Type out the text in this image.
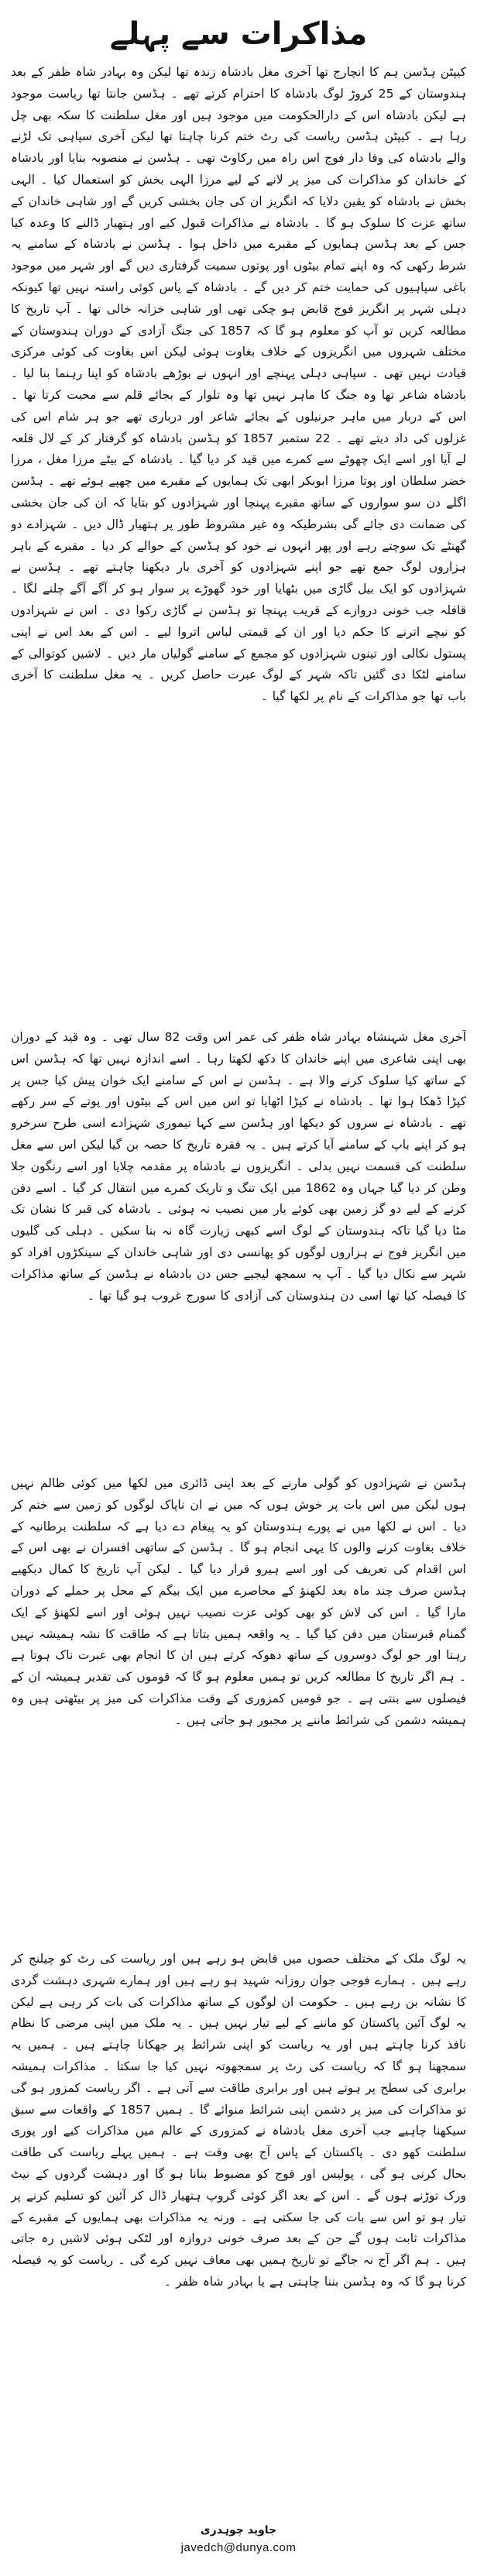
مذاکرات سے پہلے

کیپٹن ہڈسن ہم کا انچارج تھا آخری مغل بادشاہ زندہ تھا لیکن وہ بہادر شاہ ظفر کے بعد ہندوستان کے 25 کروڑ لوگ بادشاہ کا احترام کرتے تھے ۔ ہڈسن جانتا تھا ریاست موجود ہے لیکن بادشاہ اس کے دارالحکومت میں موجود ہیں اور مغل سلطنت کا سکہ بھی چل رہا ہے ۔ کیپٹن ہڈسن ریاست کی رٹ ختم کرنا چاہتا تھا لیکن آخری سپاہی تک لڑنے والے بادشاہ کی وفا دار فوج اس راہ میں رکاوٹ تھی ۔ ہڈسن نے منصوبہ بنایا اور بادشاہ کے خاندان کو مذاکرات کی میز پر لانے کے لیے مرزا الہی بخش کو استعمال کیا ۔ الہی بخش نے بادشاہ کو یقین دلایا کہ انگریز ان کی جان بخشی کریں گے اور شاہی خاندان کے ساتھ عزت کا سلوک ہو گا ۔ بادشاہ نے مذاکرات قبول کیے اور ہتھیار ڈالنے کا وعدہ کیا جس کے بعد ہڈسن ہمایوں کے مقبرے میں داخل ہوا ۔ ہڈسن نے بادشاہ کے سامنے یہ شرط رکھی کہ وہ اپنے تمام بیٹوں اور پوتوں سمیت گرفتاری دیں گے اور شہر میں موجود باغی سپاہیوں کی حمایت ختم کر دیں گے ۔ بادشاہ کے پاس کوئی راستہ نہیں تھا کیونکہ دہلی شہر پر انگریز فوج قابض ہو چکی تھی اور شاہی خزانہ خالی تھا ۔ آپ تاریخ کا مطالعہ کریں تو آپ کو معلوم ہو گا کہ 1857 کی جنگ آزادی کے دوران ہندوستان کے مختلف شہروں میں انگریزوں کے خلاف بغاوت ہوئی لیکن اس بغاوت کی کوئی مرکزی قیادت نہیں تھی ۔ سپاہی دہلی پہنچے اور انہوں نے بوڑھے بادشاہ کو اپنا رہنما بنا لیا ۔ بادشاہ شاعر تھا وہ جنگ کا ماہر نہیں تھا وہ تلوار کے بجائے قلم سے محبت کرتا تھا ۔ اس کے دربار میں ماہر جرنیلوں کے بجائے شاعر اور درباری تھے جو ہر شام اس کی غزلوں کی داد دیتے تھے ۔ 22 ستمبر 1857 کو ہڈسن بادشاہ کو گرفتار کر کے لال قلعہ لے آیا اور اسے ایک چھوٹے سے کمرے میں قید کر دیا گیا ۔ بادشاہ کے بیٹے مرزا مغل ، مرزا خضر سلطان اور پوتا مرزا ابوبکر ابھی تک ہمایوں کے مقبرے میں چھپے ہوئے تھے ۔ ہڈسن اگلے دن سو سواروں کے ساتھ مقبرے پہنچا اور شہزادوں کو بتایا کہ ان کی جان بخشی کی ضمانت دی جائے گی بشرطیکہ وہ غیر مشروط طور پر ہتھیار ڈال دیں ۔ شہزادے دو گھنٹے تک سوچتے رہے اور پھر انہوں نے خود کو ہڈسن کے حوالے کر دیا ۔ مقبرے کے باہر ہزاروں لوگ جمع تھے جو اپنے شہزادوں کو آخری بار دیکھنا چاہتے تھے ۔ ہڈسن نے شہزادوں کو ایک بیل گاڑی میں بٹھایا اور خود گھوڑے پر سوار ہو کر آگے آگے چلنے لگا ۔ قافلہ جب خونی دروازے کے قریب پہنچا تو ہڈسن نے گاڑی رکوا دی ۔ اس نے شہزادوں کو نیچے اترنے کا حکم دیا اور ان کے قیمتی لباس اتروا لیے ۔ اس کے بعد اس نے اپنی پستول نکالی اور تینوں شہزادوں کو مجمع کے سامنے گولیاں مار دیں ۔ لاشیں کوتوالی کے سامنے لٹکا دی گئیں تاکہ شہر کے لوگ عبرت حاصل کریں ۔ یہ مغل سلطنت کا آخری باب تھا جو مذاکرات کے نام پر لکھا گیا ۔

آخری مغل شہنشاہ بہادر شاہ ظفر کی عمر اس وقت 82 سال تھی ۔ وہ قید کے دوران بھی اپنی شاعری میں اپنے خاندان کا دکھ لکھتا رہا ۔ اسے اندازہ نہیں تھا کہ ہڈسن اس کے ساتھ کیا سلوک کرنے والا ہے ۔ ہڈسن نے اس کے سامنے ایک خوان پیش کیا جس پر کپڑا ڈھکا ہوا تھا ۔ بادشاہ نے کپڑا اٹھایا تو اس میں اس کے بیٹوں اور پوتے کے سر رکھے تھے ۔ بادشاہ نے سروں کو دیکھا اور ہڈسن سے کہا تیموری شہزادے اسی طرح سرخرو ہو کر اپنے باپ کے سامنے آیا کرتے ہیں ۔ یہ فقرہ تاریخ کا حصہ بن گیا لیکن اس سے مغل سلطنت کی قسمت نہیں بدلی ۔ انگریزوں نے بادشاہ پر مقدمہ چلایا اور اسے رنگون جلا وطن کر دیا گیا جہاں وہ 1862 میں ایک تنگ و تاریک کمرے میں انتقال کر گیا ۔ اسے دفن کرنے کے لیے دو گز زمین بھی کوئے یار میں نصیب نہ ہوئی ۔ بادشاہ کی قبر کا نشان تک مٹا دیا گیا تاکہ ہندوستان کے لوگ اسے کبھی زیارت گاہ نہ بنا سکیں ۔ دہلی کی گلیوں میں انگریز فوج نے ہزاروں لوگوں کو پھانسی دی اور شاہی خاندان کے سینکڑوں افراد کو شہر سے نکال دیا گیا ۔ آپ یہ سمجھ لیجیے جس دن بادشاہ نے ہڈسن کے ساتھ مذاکرات کا فیصلہ کیا تھا اسی دن ہندوستان کی آزادی کا سورج غروب ہو گیا تھا ۔

ہڈسن نے شہزادوں کو گولی مارنے کے بعد اپنی ڈائری میں لکھا میں کوئی ظالم نہیں ہوں لیکن میں اس بات پر خوش ہوں کہ میں نے ان ناپاک لوگوں کو زمین سے ختم کر دیا ۔ اس نے لکھا میں نے پورے ہندوستان کو یہ پیغام دے دیا ہے کہ سلطنت برطانیہ کے خلاف بغاوت کرنے والوں کا یہی انجام ہو گا ۔ ہڈسن کے ساتھی افسران نے بھی اس کے اس اقدام کی تعریف کی اور اسے ہیرو قرار دیا گیا ۔ لیکن آپ تاریخ کا کمال دیکھیے ہڈسن صرف چند ماہ بعد لکھنؤ کے محاصرے میں ایک بیگم کے محل پر حملے کے دوران مارا گیا ۔ اس کی لاش کو بھی کوئی عزت نصیب نہیں ہوئی اور اسے لکھنؤ کے ایک گمنام قبرستان میں دفن کیا گیا ۔ یہ واقعہ ہمیں بتاتا ہے کہ طاقت کا نشہ ہمیشہ نہیں رہتا اور جو لوگ دوسروں کے ساتھ دھوکہ کرتے ہیں ان کا انجام بھی عبرت ناک ہوتا ہے ۔ ہم اگر تاریخ کا مطالعہ کریں تو ہمیں معلوم ہو گا کہ قوموں کی تقدیر ہمیشہ ان کے فیصلوں سے بنتی ہے ۔ جو قومیں کمزوری کے وقت مذاکرات کی میز پر بیٹھتی ہیں وہ ہمیشہ دشمن کی شرائط ماننے پر مجبور ہو جاتی ہیں ۔

یہ لوگ ملک کے مختلف حصوں میں قابض ہو رہے ہیں اور ریاست کی رٹ کو چیلنج کر رہے ہیں ۔ ہمارے فوجی جوان روزانہ شہید ہو رہے ہیں اور ہمارے شہری دہشت گردی کا نشانہ بن رہے ہیں ۔ حکومت ان لوگوں کے ساتھ مذاکرات کی بات کر رہی ہے لیکن یہ لوگ آئین پاکستان کو ماننے کے لیے تیار نہیں ہیں ۔ یہ ملک میں اپنی مرضی کا نظام نافذ کرنا چاہتے ہیں اور یہ ریاست کو اپنی شرائط پر جھکانا چاہتے ہیں ۔ ہمیں یہ سمجھنا ہو گا کہ ریاست کی رٹ پر سمجھوتہ نہیں کیا جا سکتا ۔ مذاکرات ہمیشہ برابری کی سطح پر ہوتے ہیں اور برابری طاقت سے آتی ہے ۔ اگر ریاست کمزور ہو گی تو مذاکرات کی میز پر دشمن اپنی شرائط منوائے گا ۔ ہمیں 1857 کے واقعات سے سبق سیکھنا چاہیے جب آخری مغل بادشاہ نے کمزوری کے عالم میں مذاکرات کیے اور پوری سلطنت کھو دی ۔ پاکستان کے پاس آج بھی وقت ہے ۔ ہمیں پہلے ریاست کی طاقت بحال کرنی ہو گی ، پولیس اور فوج کو مضبوط بنانا ہو گا اور دہشت گردوں کے نیٹ ورک توڑنے ہوں گے ۔ اس کے بعد اگر کوئی گروپ ہتھیار ڈال کر آئین کو تسلیم کرنے پر تیار ہو تو اس سے بات کی جا سکتی ہے ۔ ورنہ یہ مذاکرات بھی ہمایوں کے مقبرے کے مذاکرات ثابت ہوں گے جن کے بعد صرف خونی دروازہ اور لٹکی ہوئی لاشیں رہ جاتی ہیں ۔ ہم اگر آج نہ جاگے تو تاریخ ہمیں بھی معاف نہیں کرے گی ۔ ریاست کو یہ فیصلہ کرنا ہو گا کہ وہ ہڈسن بننا چاہتی ہے یا بہادر شاہ ظفر ۔

جاوید چوہدری
javedch@dunya.com
